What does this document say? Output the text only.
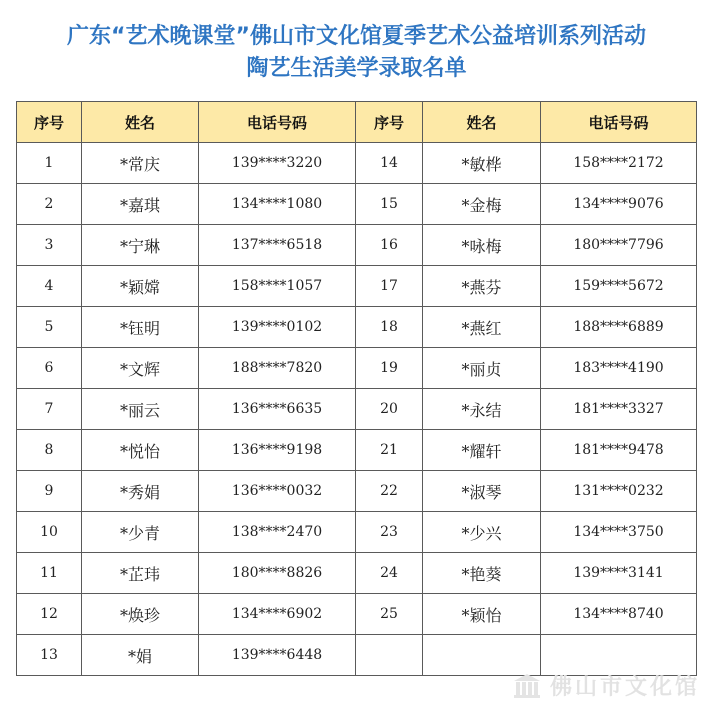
广东“艺术晚课堂”佛山市文化馆夏季艺术公益培训系列活动
陶艺生活美学录取名单
序号	姓名	电话号码	序号	姓名	电话号码
1	*常庆	139****3220	14	*敏桦	158****2172
2	*嘉琪	134****1080	15	*金梅	134****9076
3	*宁琳	137****6518	16	*咏梅	180****7796
4	*颖嫦	158****1057	17	*燕芬	159****5672
5	*钰明	139****0102	18	*燕红	188****6889
6	*文辉	188****7820	19	*丽贞	183****4190
7	*丽云	136****6635	20	*永结	181****3327
8	*悦怡	136****9198	21	*耀轩	181****9478
9	*秀娟	136****0032	22	*淑琴	131****0232
10	*少青	138****2470	23	*少兴	134****3750
11	*芷玮	180****8826	24	*艳葵	139****3141
12	*焕珍	134****6902	25	*颖怡	134****8740
13	*娟	139****6448			
佛山市文化馆
